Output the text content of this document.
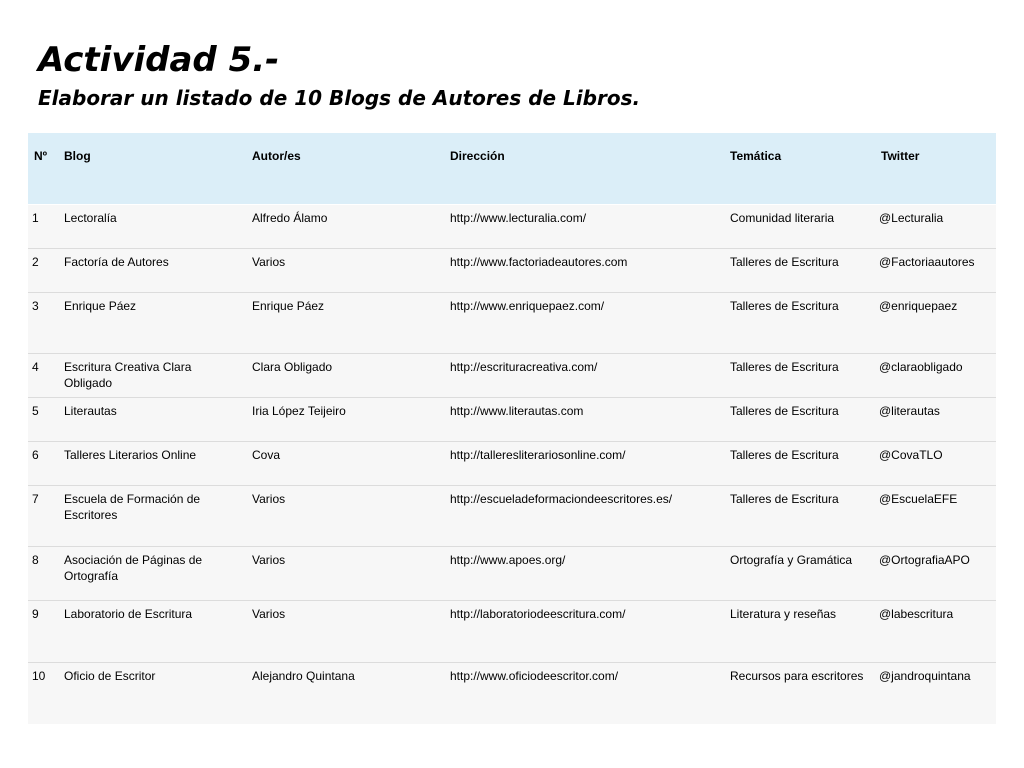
Actividad 5.-
Elaborar un listado de 10 Blogs de Autores de Libros.
Nº	Blog	Autor/es	Dirección	Temática	Twitter

1	Lectoralía	Alfredo Álamo	http://www.lecturalia.com/	Comunidad literaria	@Lecturalia
2	Factoría de Autores	Varios	http://www.factoriadeautores.com	Talleres de Escritura	@Factoriaautores
3	Enrique Páez	Enrique Páez	http://www.enriquepaez.com/	Talleres de Escritura	@enriquepaez
4	Escritura Creativa Clara Obligado	Clara Obligado	http://escrituracreativa.com/	Talleres de Escritura	@claraobligado
5	Literautas	Iria López Teijeiro	http://www.literautas.com	Talleres de Escritura	@literautas
6	Talleres Literarios Online	Cova	http://talleresliterariosonline.com/	Talleres de Escritura	@CovaTLO
7	Escuela de Formación de Escritores	Varios	http://escueladeformaciondeescritores.es/	Talleres de Escritura	@EscuelaEFE
8	Asociación de Páginas de Ortografía	Varios	http://www.apoes.org/	Ortografía y Gramática	@OrtografiaAPO
9	Laboratorio de Escritura	Varios	http://laboratoriodeescritura.com/	Literatura y reseñas	@labescritura
10	Oficio de Escritor	Alejandro Quintana	http://www.oficiodeescritor.com/	Recursos para escritores	@jandroquintana
